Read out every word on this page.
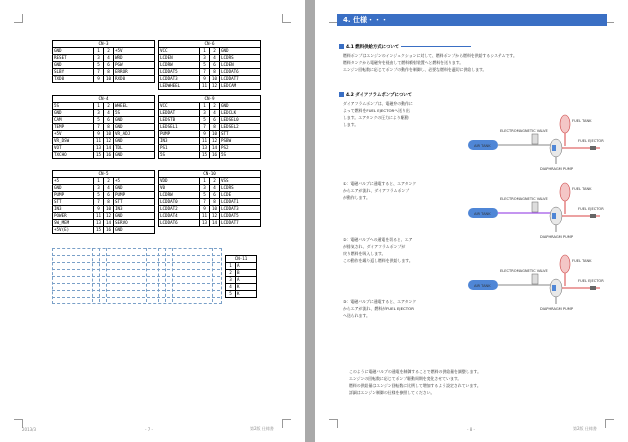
CN-3			
GND	1	2	+5V
RESET	3	4	WRD
GND	5	6	PGW
SLBY	7	8	ERROR
TXD0	9	10	RXD0
CN-6			
VCC	1	2	GND
LCDEN	3	4	LCDRS
LCDRW	5	6	LCDEN
LCDDAT5	7	8	LCDDAT6
LCDDAT3	9	10	LCDDAT7
LEDWHEEL	11	12	LEDCAM
CN-4			
5S	1	2	WHEEL
GND	3	4	5S
CAM	5	6	GND
TEMP	7	8	GND
+5V	9	10	VR_ADJ
VR_DSW	11	12	GND
VOT	13	14	TDL
TXCHO	15	16	GND
CN-9			
VCC	1	2	GND
LEDDAT	3	4	LEDCLK
LEDSTB	5	6	LEDSEL0
LEDSEL1	7	8	LEDSEL2
PUMP	9	10	STT
IN3	11	12	PSBW
PS1	13	14	PS2
5S	15	16	5S
CN-5			
+5	1	2	+5
GND	3	4	GND
PUMP	5	6	PUMP
STT	7	8	STT
IN3	9	10	IN3
POWER	11	12	GND
SW_MEM	13	14	SERVO
+5V(E)	15	16	GND
CN-10			
VDD	1	2	VSS
V0	3	4	LCDRS
LCDRW	5	6	LCDE
LCDDAT0	7	8	LCDDAT1
LCDDAT2	9	10	LCDDAT3
LCDDAT4	11	12	LCDDAT5
LCDDAT6	13	14	LCDDAT7
CN-11	
1	A
2	B
3	A
4	K
5	K
2013/3	- 7 -	第2版 仕様書
4. 仕様・・・
4.1 燃料供給方式について
燃料ポンプはエンジンのインジェクションに対して、燃料ポンプから燃料を供給するシステムです。
燃料タンクから電磁弁を経由して燃料噴射装置へと燃料を送ります。
エンジン回転数に応じてポンプの動作を制御し、必要な燃料を適切に供給します。
4.2 ダイアフラムポンプについて
ダイアフラムポンプは、電磁弁の動作に
よって燃料をFUEL EJECTORへ送り出
します。エアタンクの圧力により駆動
します。
①：電磁バルブに通電すると、エアタンク
からエアが流れ、ダイアフラムポンプ
が動作します。
②：電磁バルブへの通電を切ると、エア
が排気され、ダイアフラムポンプが
戻り燃料を吸入します。
この動作を繰り返し燃料を供給します。
③：電磁バルブに通電すると、エアタンク
からエアが流れ、燃料がFUEL EJECTOR
へ送られます。
このように電磁バルブの通電を制御することで燃料の供給量を調整します。
エンジンの回転数に応じてポンプ駆動周期を変化させています。
燃料の供給量はエンジン回転数に比例して増加するよう設定されています。
詳細はエンジン制御の仕様を参照してください。
FUEL TANK
ELECTROMAGNETIC VALVE
FUEL EJECTOR
AIR TANK
DIAPHRAGM PUMP
FUEL TANK
ELECTROMAGNETIC VALVE
FUEL EJECTOR
AIR TANK
DIAPHRAGM PUMP
FUEL TANK
ELECTROMAGNETIC VALVE
FUEL EJECTOR
AIR TANK
DIAPHRAGM PUMP
- 8 -	第2版 仕様書
